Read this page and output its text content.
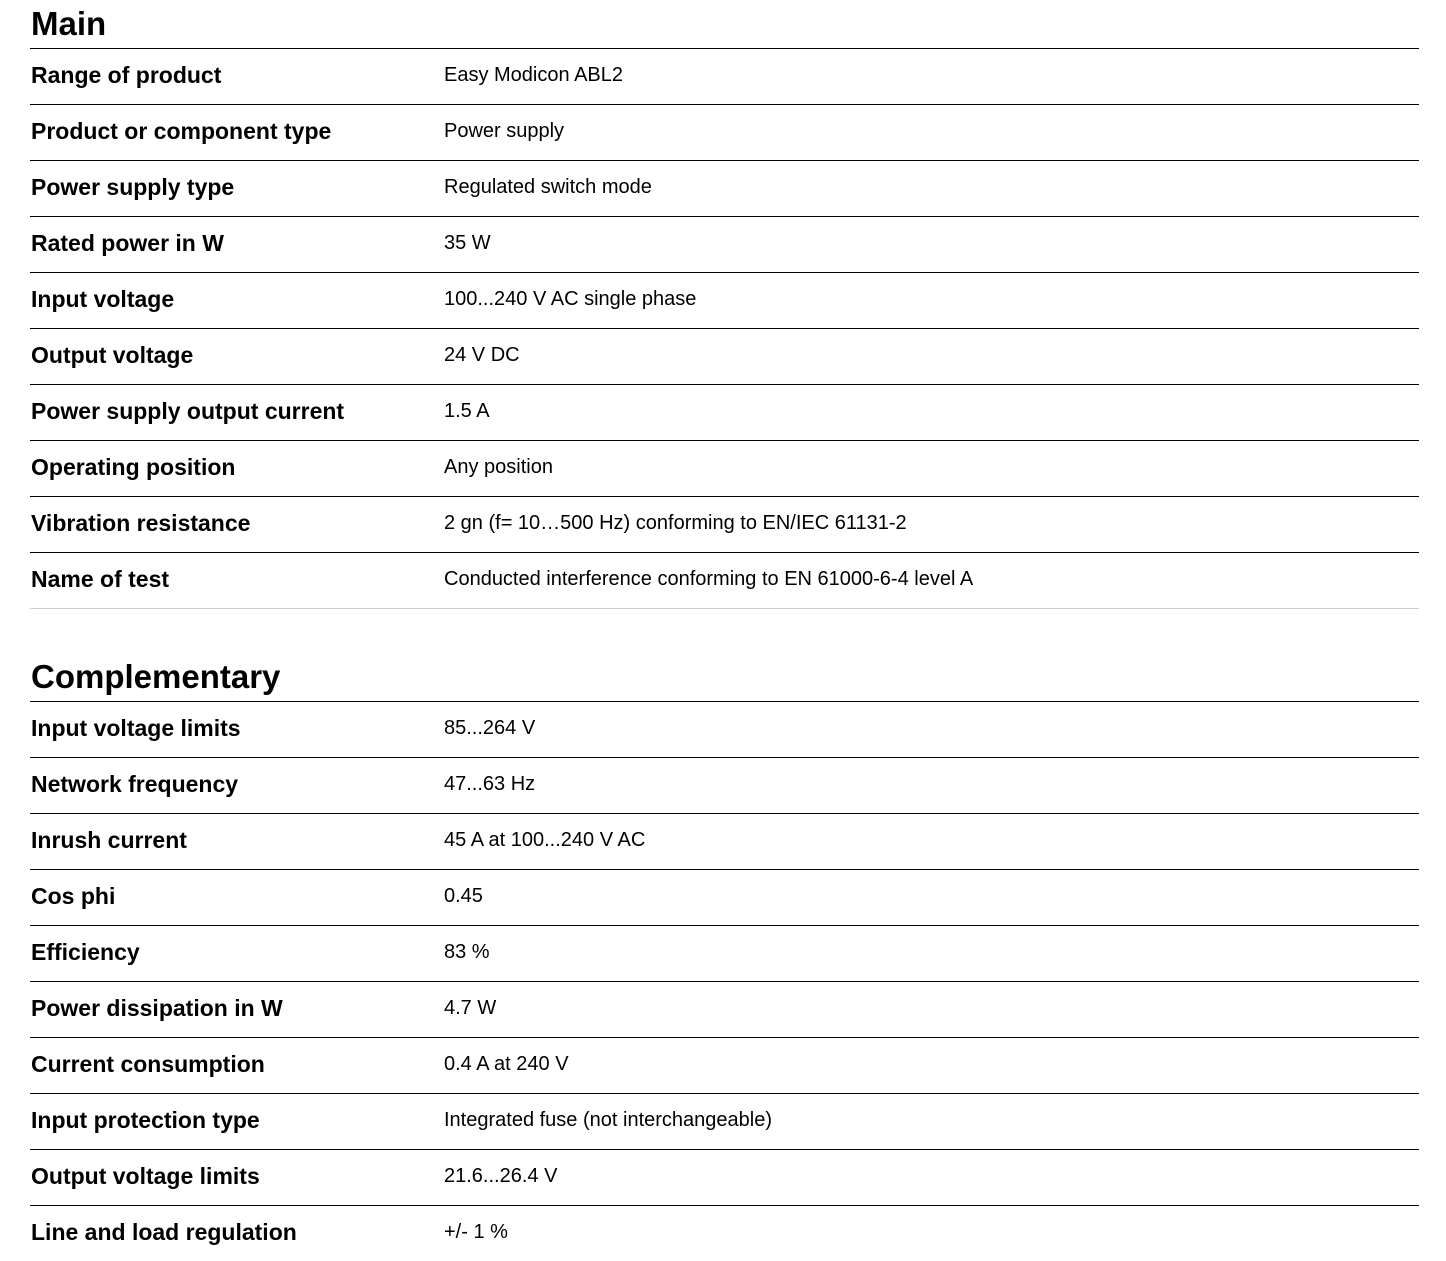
Main
Range of product	Easy Modicon ABL2
Product or component type	Power supply
Power supply type	Regulated switch mode
Rated power in W	35 W
Input voltage	100...240 V AC single phase
Output voltage	24 V DC
Power supply output current	1.5 A
Operating position	Any position
Vibration resistance	2 gn (f= 10…500 Hz) conforming to EN/IEC 61131-2
Name of test	Conducted interference conforming to EN 61000-6-4 level A
Complementary
Input voltage limits	85...264 V
Network frequency	47...63 Hz
Inrush current	45 A at 100...240 V AC
Cos phi	0.45
Efficiency	83 %
Power dissipation in W	4.7 W
Current consumption	0.4 A at 240 V
Input protection type	Integrated fuse (not interchangeable)
Output voltage limits	21.6...26.4 V
Line and load regulation	+/- 1 %
